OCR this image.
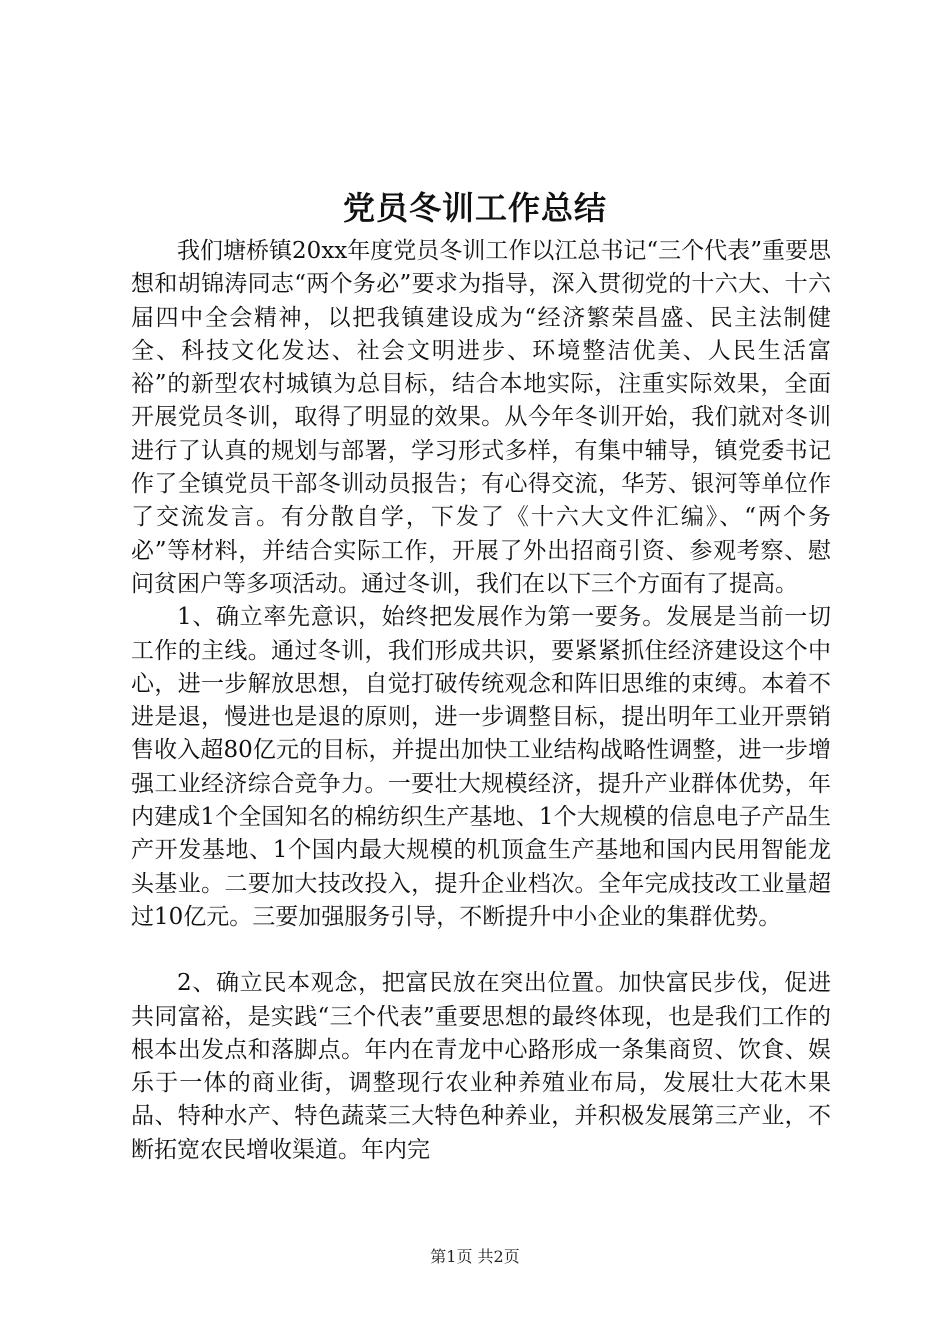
党员冬训工作总结

我们塘桥镇20xx年度党员冬训工作以江总书记“三个代表”重要思想和胡锦涛同志“两个务必”要求为指导，深入贯彻党的十六大、十六届四中全会精神，以把我镇建设成为“经济繁荣昌盛、民主法制健全、科技文化发达、社会文明进步、环境整洁优美、人民生活富裕”的新型农村城镇为总目标，结合本地实际，注重实际效果，全面开展党员冬训，取得了明显的效果。从今年冬训开始，我们就对冬训进行了认真的规划与部署，学习形式多样，有集中辅导，镇党委书记作了全镇党员干部冬训动员报告；有心得交流，华芳、银河等单位作了交流发言。有分散自学，下发了《十六大文件汇编》、“两个务必”等材料，并结合实际工作，开展了外出招商引资、参观考察、慰问贫困户等多项活动。通过冬训，我们在以下三个方面有了提高。

1、确立率先意识，始终把发展作为第一要务。发展是当前一切工作的主线。通过冬训，我们形成共识，要紧紧抓住经济建设这个中心，进一步解放思想，自觉打破传统观念和阵旧思维的束缚。本着不进是退，慢进也是退的原则，进一步调整目标，提出明年工业开票销售收入超80亿元的目标，并提出加快工业结构战略性调整，进一步增强工业经济综合竞争力。一要壮大规模经济，提升产业群体优势，年内建成1个全国知名的棉纺织生产基地、1个大规模的信息电子产品生产开发基地、1个国内最大规模的机顶盒生产基地和国内民用智能龙头基业。二要加大技改投入，提升企业档次。全年完成技改工业量超过10亿元。三要加强服务引导，不断提升中小企业的集群优势。

2、确立民本观念，把富民放在突出位置。加快富民步伐，促进共同富裕，是实践“三个代表”重要思想的最终体现，也是我们工作的根本出发点和落脚点。年内在青龙中心路形成一条集商贸、饮食、娱乐于一体的商业街，调整现行农业种养殖业布局，发展壮大花木果品、特种水产、特色蔬菜三大特色种养业，并积极发展第三产业，不断拓宽农民增收渠道。年内完

第1页 共2页
